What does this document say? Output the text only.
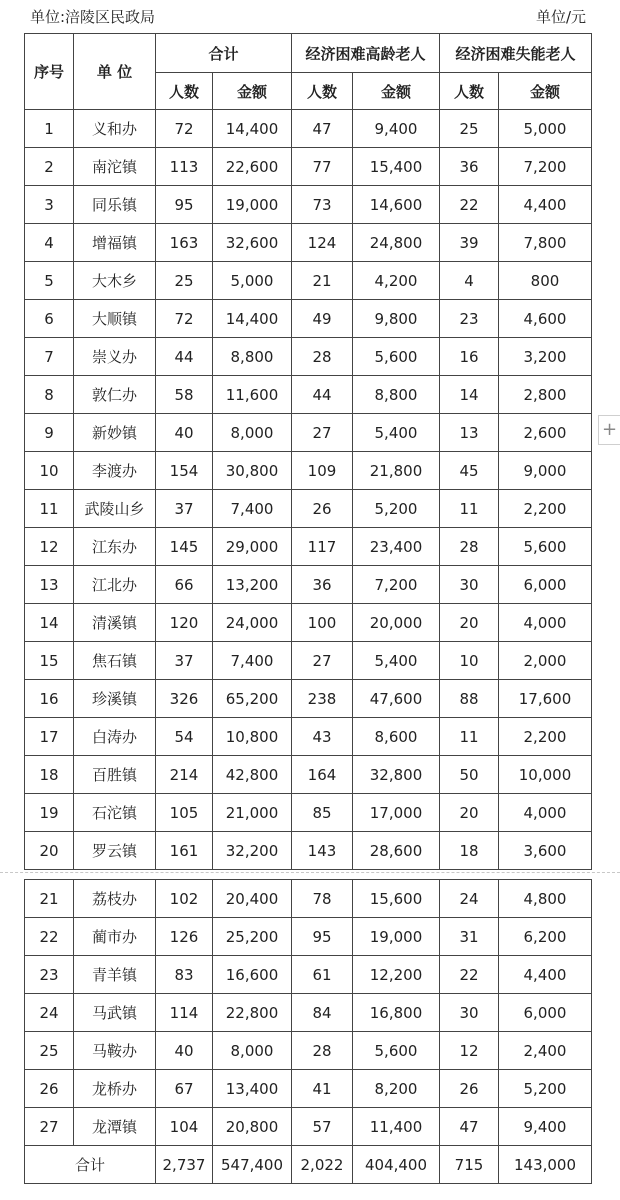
单位:涪陵区民政局	单位/元
序号	单 位	合计		经济困难高龄老人		经济困难失能老人	
		人数	金额	人数	金额	人数	金额
1	义和办	72	14,400	47	9,400	25	5,000
2	南沱镇	113	22,600	77	15,400	36	7,200
3	同乐镇	95	19,000	73	14,600	22	4,400
4	增福镇	163	32,600	124	24,800	39	7,800
5	大木乡	25	5,000	21	4,200	4	800
6	大顺镇	72	14,400	49	9,800	23	4,600
7	崇义办	44	8,800	28	5,600	16	3,200
8	敦仁办	58	11,600	44	8,800	14	2,800
9	新妙镇	40	8,000	27	5,400	13	2,600
10	李渡办	154	30,800	109	21,800	45	9,000
11	武陵山乡	37	7,400	26	5,200	11	2,200
12	江东办	145	29,000	117	23,400	28	5,600
13	江北办	66	13,200	36	7,200	30	6,000
14	清溪镇	120	24,000	100	20,000	20	4,000
15	焦石镇	37	7,400	27	5,400	10	2,000
16	珍溪镇	326	65,200	238	47,600	88	17,600
17	白涛办	54	10,800	43	8,600	11	2,200
18	百胜镇	214	42,800	164	32,800	50	10,000
19	石沱镇	105	21,000	85	17,000	20	4,000
20	罗云镇	161	32,200	143	28,600	18	3,600
21	荔枝办	102	20,400	78	15,600	24	4,800
22	蔺市办	126	25,200	95	19,000	31	6,200
23	青羊镇	83	16,600	61	12,200	22	4,400
24	马武镇	114	22,800	84	16,800	30	6,000
25	马鞍办	40	8,000	28	5,600	12	2,400
26	龙桥办	67	13,400	41	8,200	26	5,200
27	龙潭镇	104	20,800	57	11,400	47	9,400
合计		2,737	547,400	2,022	404,400	715	143,000
+
